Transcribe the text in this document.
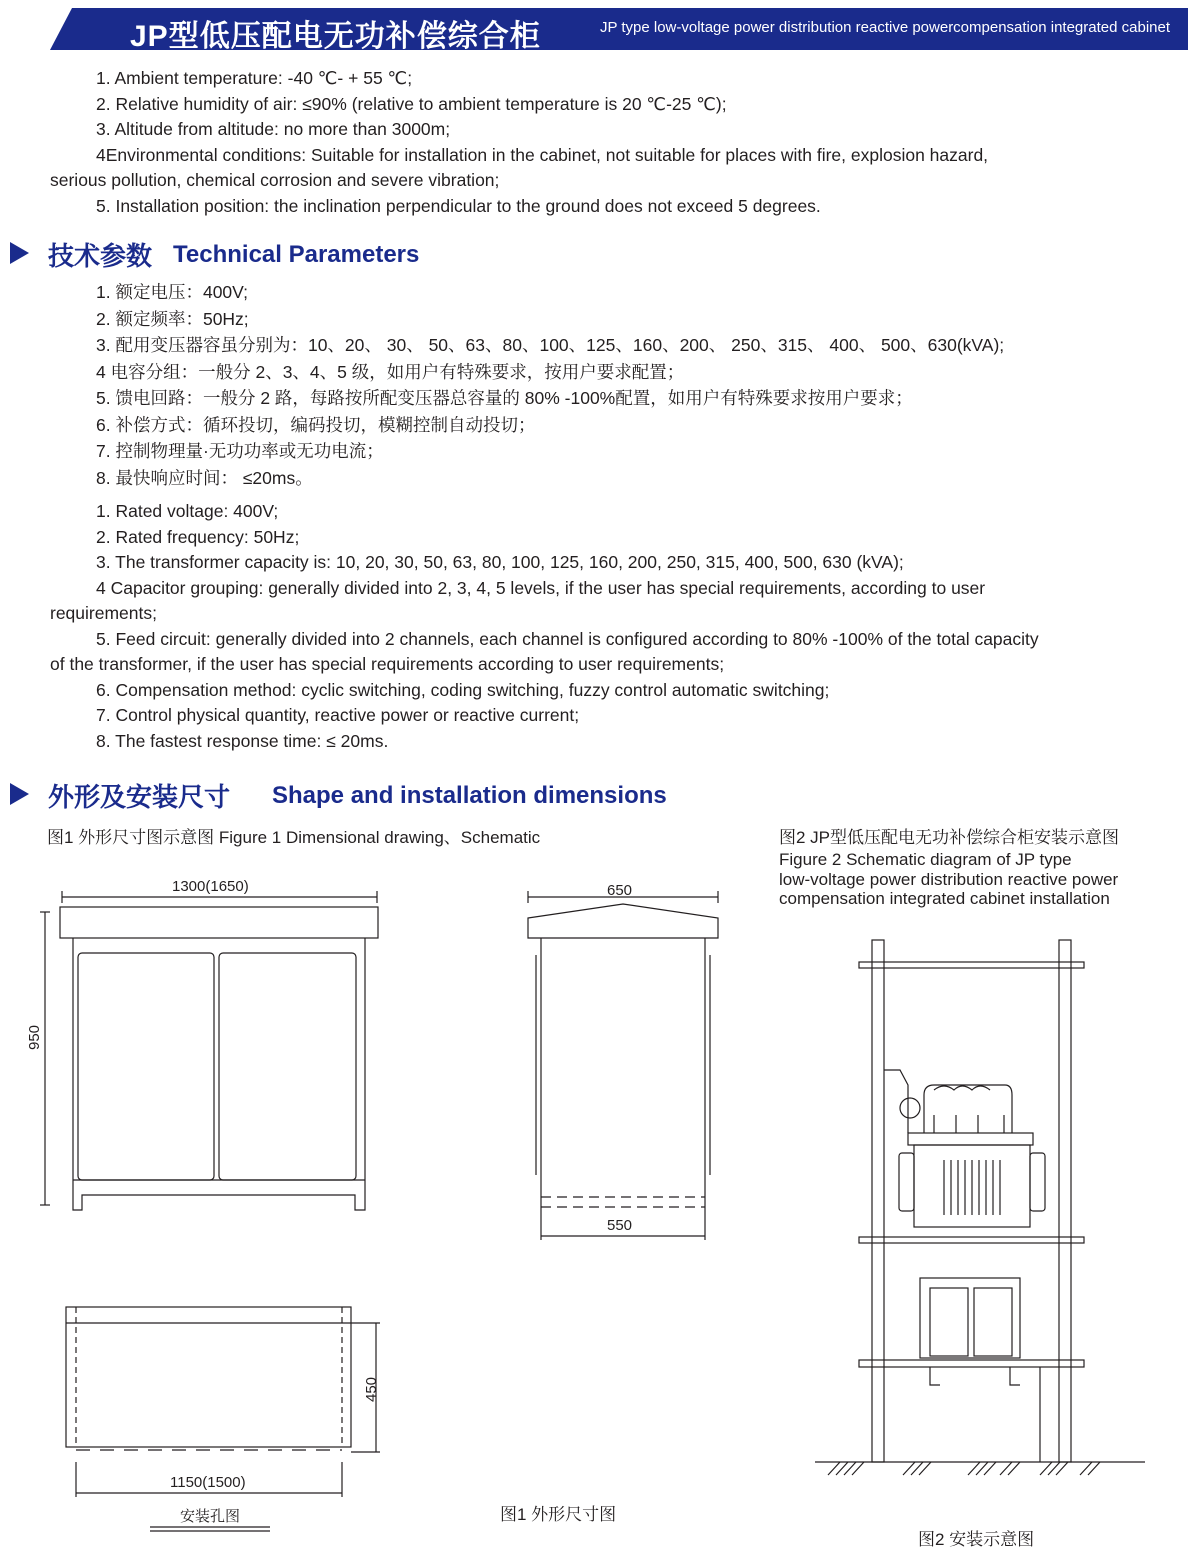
JP型低压配电无功补偿综合柜	JP type low-voltage power distribution reactive powercompensation integrated cabinet
1. Ambient temperature: -40 ℃- + 55 ℃;
2. Relative humidity of air: ≤90% (relative to ambient temperature is 20 ℃-25 ℃);
3. Altitude from altitude: no more than 3000m;
4Environmental conditions: Suitable for installation in the cabinet, not suitable for places with fire, explosion hazard,
serious pollution, chemical corrosion and severe vibration;
5. Installation position: the inclination perpendicular to the ground does not exceed 5 degrees.
技术参数 Technical Parameters
1. 额定电压：400V;
2. 额定频率：50Hz;
3. 配用变压器容虽分别为：10、20、 30、 50、63、80、100、125、160、200、 250、315、 400、 500、630(kVA);
4 电容分组：一般分 2、3、4、5 级，如用户有特殊要求，按用户要求配置；
5. 馈电回路：一般分 2 路，每路按所配变压器总容量的 80% -100%配置，如用户有特殊要求按用户要求；
6. 补偿方式：循环投切，编码投切，模糊控制自动投切；
7. 控制物理量·无功功率或无功电流；
8. 最快响应时间： ≤20ms。
1. Rated voltage: 400V;
2. Rated frequency: 50Hz;
3. The transformer capacity is: 10, 20, 30, 50, 63, 80, 100, 125, 160, 200, 250, 315, 400, 500, 630 (kVA);
4 Capacitor grouping: generally divided into 2, 3, 4, 5 levels, if the user has special requirements, according to user
requirements;
5. Feed circuit: generally divided into 2 channels, each channel is configured according to 80% -100% of the total capacity
of the transformer, if the user has special requirements according to user requirements;
6. Compensation method: cyclic switching, coding switching, fuzzy control automatic switching;
7. Control physical quantity, reactive power or reactive current;
8. The fastest response time: ≤ 20ms.
外形及安装尺寸 Shape and installation dimensions
图1 外形尺寸图示意图 Figure 1 Dimensional drawing、Schematic	图2 JP型低压配电无功补偿综合柜安装示意图
Figure 2 Schematic diagram of JP type
low-voltage power distribution reactive power
compensation integrated cabinet installation
1300(1650)
950
650
550
450
1150(1500)
安装孔图	图1 外形尺寸图
图2 安装示意图
